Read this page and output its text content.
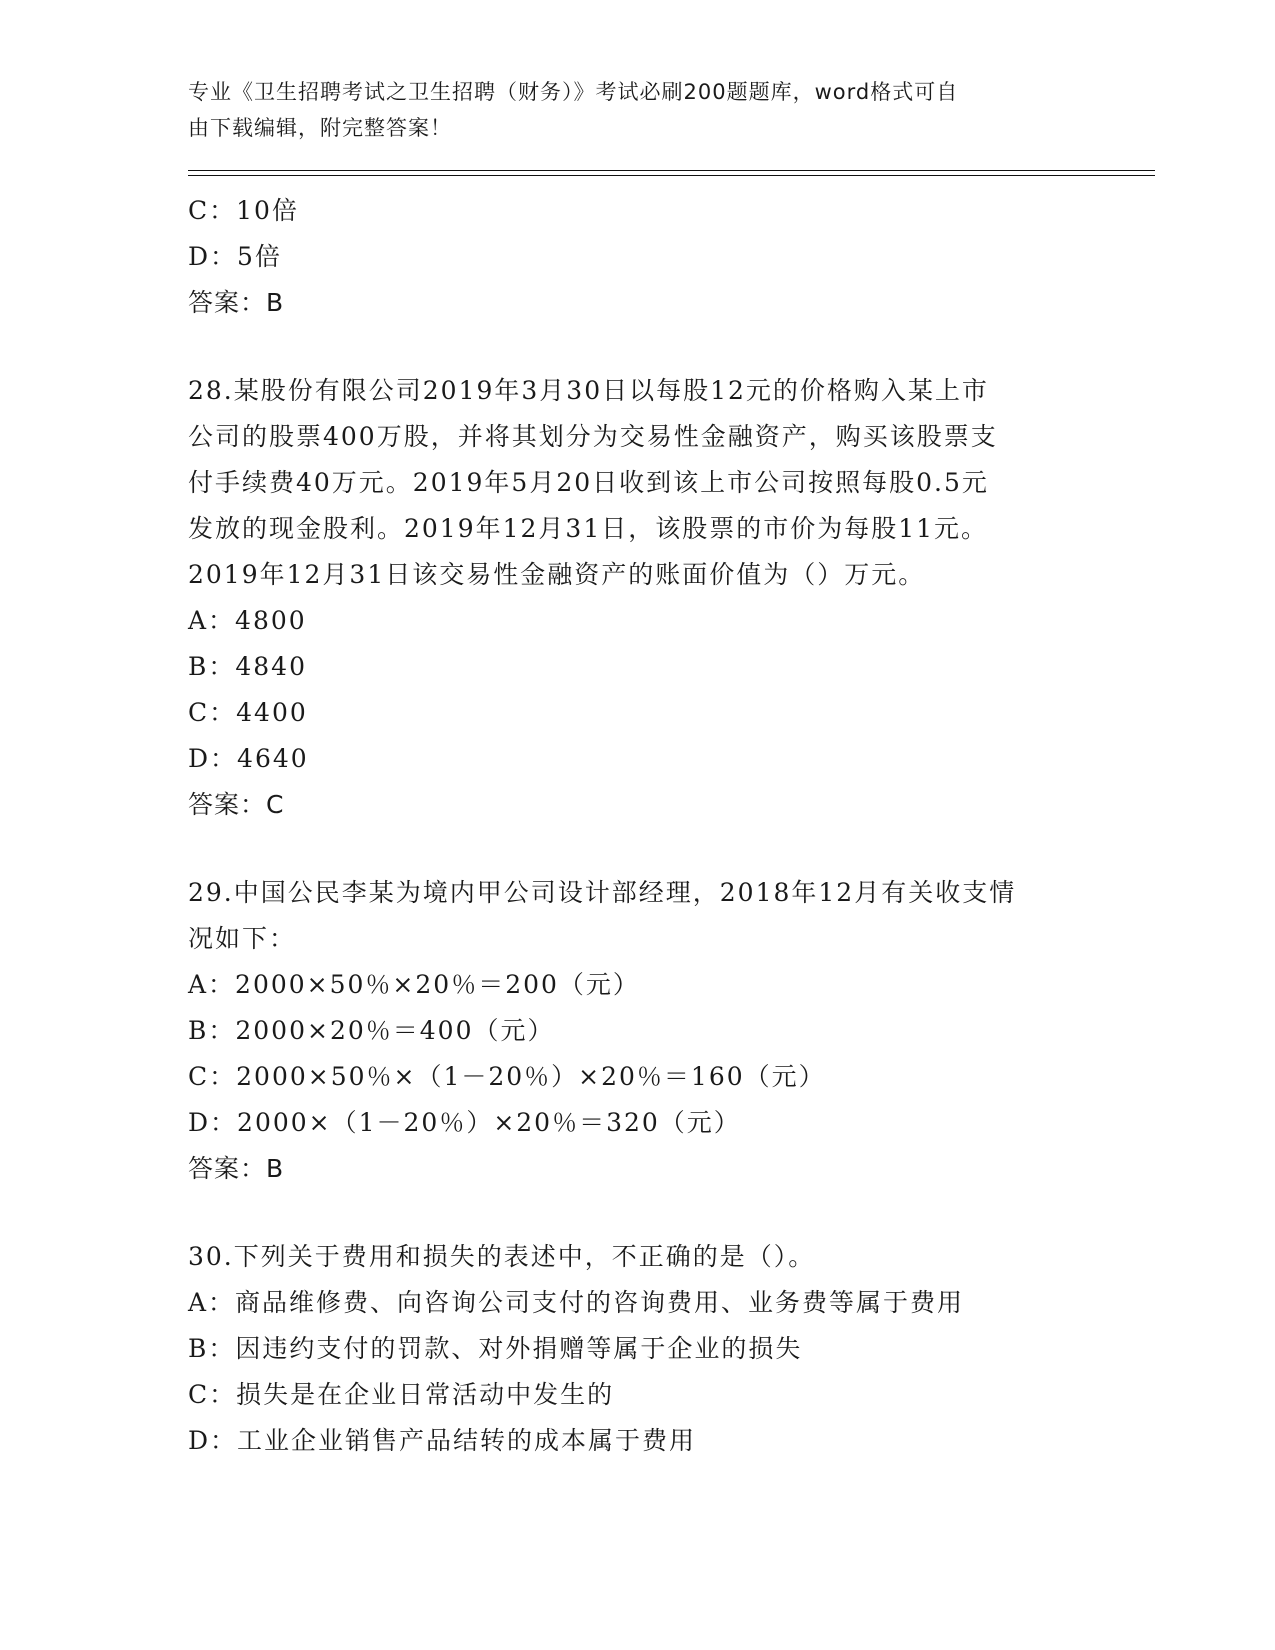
专业《卫生招聘考试之卫生招聘（财务）》考试必刷200题题库，word格式可自
由下载编辑，附完整答案！
C：10倍
D：5倍
答案：B
28.某股份有限公司2019年3月30日以每股12元的价格购入某上市
公司的股票400万股，并将其划分为交易性金融资产，购买该股票支
付手续费40万元。2019年5月20日收到该上市公司按照每股0.5元
发放的现金股利。2019年12月31日，该股票的市价为每股11元。
2019年12月31日该交易性金融资产的账面价值为（）万元。
A：4800
B：4840
C：4400
D：4640
答案：C
29.中国公民李某为境内甲公司设计部经理，2018年12月有关收支情
况如下：
A：2000×50％×20％＝200（元）
B：2000×20％＝400（元）
C：2000×50％×（1－20％）×20％＝160（元）
D：2000×（1－20％）×20％＝320（元）
答案：B
30.下列关于费用和损失的表述中，不正确的是（）。
A：商品维修费、向咨询公司支付的咨询费用、业务费等属于费用
B：因违约支付的罚款、对外捐赠等属于企业的损失
C：损失是在企业日常活动中发生的
D：工业企业销售产品结转的成本属于费用
